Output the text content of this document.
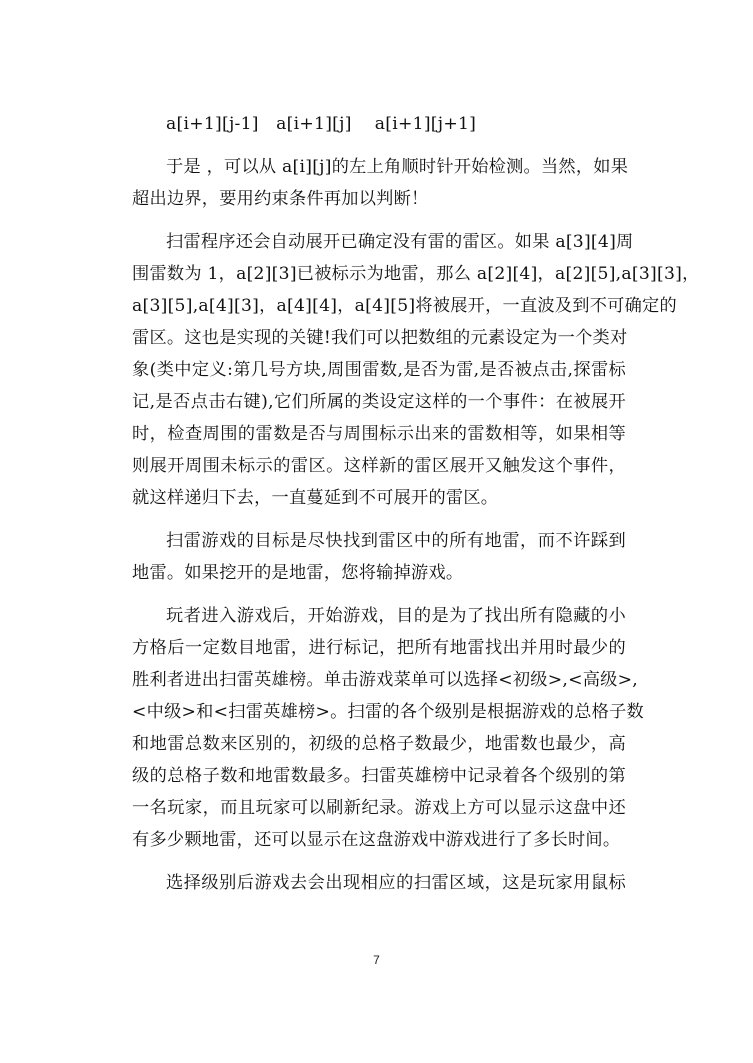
a[i+1][j-1]　a[i+1][j]　 a[i+1][j+1]
于是 ，可以从 a[i][j]的左上角顺时针开始检测。当然，如果
超出边界，要用约束条件再加以判断！
扫雷程序还会自动展开已确定没有雷的雷区。如果 a[3][4]周
围雷数为 1，a[2][3]已被标示为地雷，那么 a[2][4]，a[2][5],a[3][3]，
a[3][5],a[4][3]，a[4][4]，a[4][5]将被展开，一直波及到不可确定的
雷区。这也是实现的关键!我们可以把数组的元素设定为一个类对
象(类中定义:第几号方块,周围雷数,是否为雷,是否被点击,探雷标
记,是否点击右键),它们所属的类设定这样的一个事件：在被展开
时，检查周围的雷数是否与周围标示出来的雷数相等，如果相等
则展开周围未标示的雷区。这样新的雷区展开又触发这个事件，
就这样递归下去，一直蔓延到不可展开的雷区。
扫雷游戏的目标是尽快找到雷区中的所有地雷，而不许踩到
地雷。如果挖开的是地雷，您将输掉游戏。
玩者进入游戏后，开始游戏，目的是为了找出所有隐藏的小
方格后一定数目地雷，进行标记，把所有地雷找出并用时最少的
胜利者进出扫雷英雄榜。单击游戏菜单可以选择<初级>,<高级>,
<中级>和<扫雷英雄榜>。扫雷的各个级别是根据游戏的总格子数
和地雷总数来区别的，初级的总格子数最少，地雷数也最少，高
级的总格子数和地雷数最多。扫雷英雄榜中记录着各个级别的第
一名玩家，而且玩家可以刷新纪录。游戏上方可以显示这盘中还
有多少颗地雷，还可以显示在这盘游戏中游戏进行了多长时间。
选择级别后游戏去会出现相应的扫雷区域，这是玩家用鼠标
7
